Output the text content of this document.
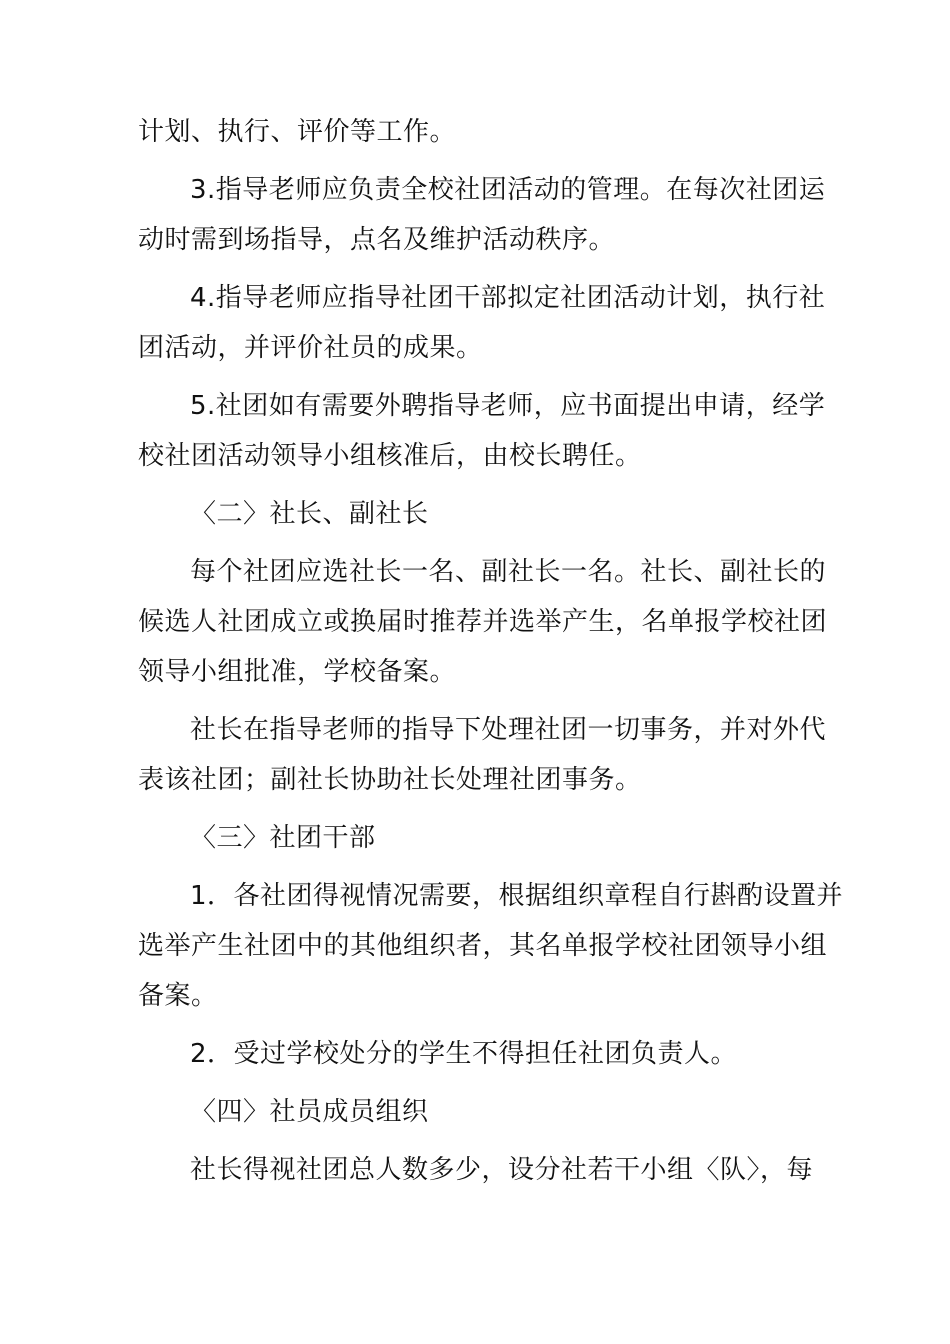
计划、执行、评价等工作。
3.指导老师应负责全校社团活动的管理。在每次社团运
动时需到场指导，点名及维护活动秩序。
4.指导老师应指导社团干部拟定社团活动计划，执行社
团活动，并评价社员的成果。
5.社团如有需要外聘指导老师，应书面提出申请，经学
校社团活动领导小组核准后，由校长聘任。
〈二〉社长、副社长
每个社团应选社长一名、副社长一名。社长、副社长的
候选人社团成立或换届时推荐并选举产生，名单报学校社团
领导小组批准，学校备案。
社长在指导老师的指导下处理社团一切事务，并对外代
表该社团；副社长协助社长处理社团事务。
〈三〉社团干部
1．各社团得视情况需要，根据组织章程自行斟酌设置并
选举产生社团中的其他组织者，其名单报学校社团领导小组
备案。
2．受过学校处分的学生不得担任社团负责人。
〈四〉社员成员组织
社长得视社团总人数多少，设分社若干小组〈队〉，每
